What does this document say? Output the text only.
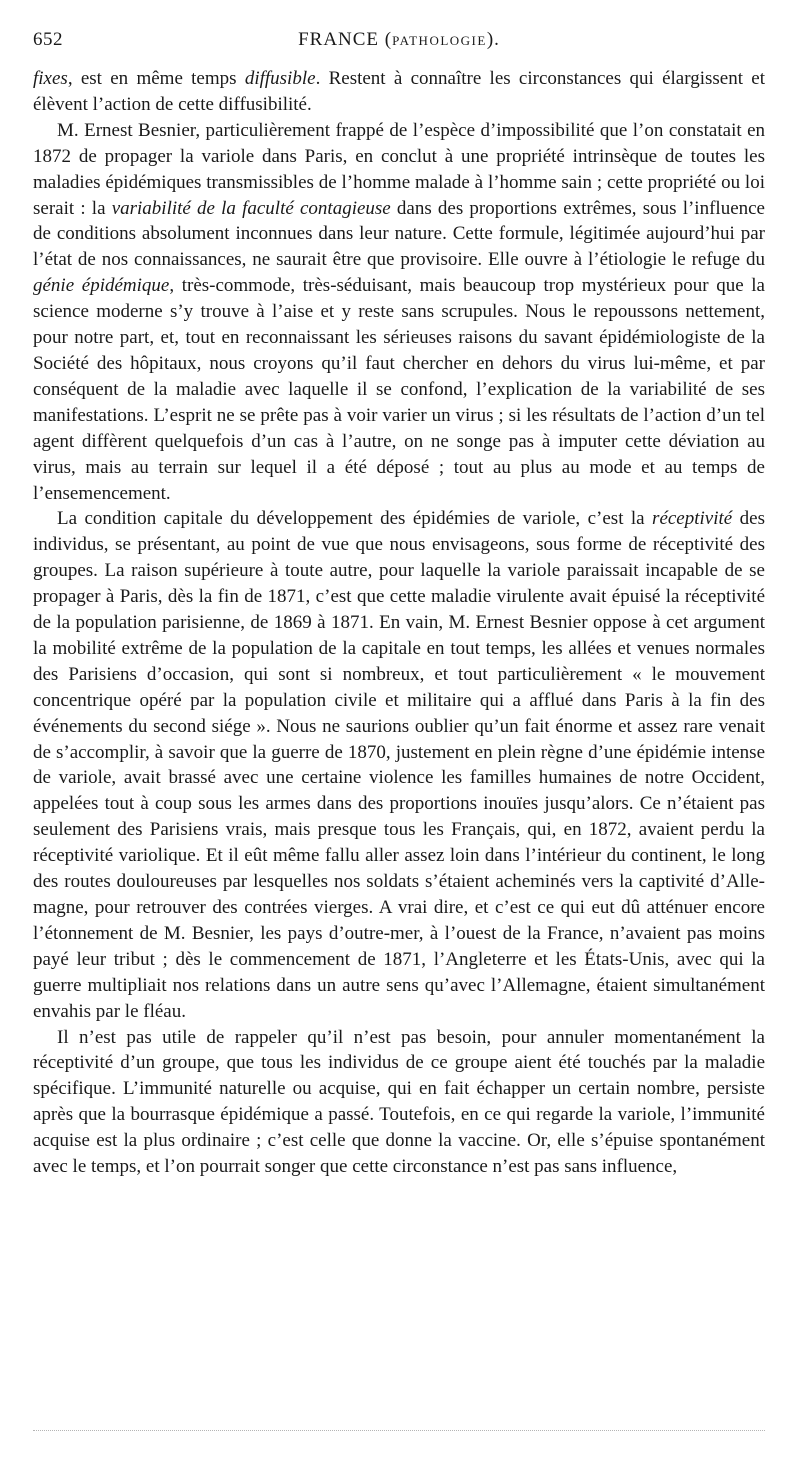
652	FRANCE (PATHOLOGIE).

fixes, est en même temps diffusible. Restent à connaître les circonstances qui élargissent et élèvent l’action de cette diffusibilité.

M. Ernest Besnier, particulièrement frappé de l’espèce d’impossibilité que l’on constatait en 1872 de propager la variole dans Paris, en conclut à une propriété intrinsèque de toutes les maladies épidémiques transmissibles de l’homme malade à l’homme sain ; cette propriété ou loi serait : la variabilité de la faculté contagieuse dans des proportions extrêmes, sous l’influence de conditions absolument inconnues dans leur nature. Cette formule, légitimée aujourd’hui par l’état de nos connaissances, ne saurait être que provisoire. Elle ouvre à l’étiologie le refuge du génie épidémique, très-commode, très-séduisant, mais beaucoup trop mystérieux pour que la science moderne s’y trouve à l’aise et y reste sans scrupules. Nous le repoussons nettement, pour notre part, et, tout en reconnaissant les sérieuses raisons du savant épidémiologiste de la Société des hôpitaux, nous croyons qu’il faut chercher en dehors du virus lui-même, et par conséquent de la maladie avec laquelle il se confond, l’explication de la variabilité de ses manifestations. L’esprit ne se prête pas à voir varier un virus ; si les résultats de l’action d’un tel agent diffèrent quelquefois d’un cas à l’autre, on ne songe pas à imputer cette déviation au virus, mais au terrain sur lequel il a été déposé ; tout au plus au mode et au temps de l’ensemencement.

La condition capitale du développement des épidémies de variole, c’est la réceptivité des individus, se présentant, au point de vue que nous envisageons, sous forme de réceptivité des groupes. La raison supérieure à toute autre, pour laquelle la variole paraissait incapable de se propager à Paris, dès la fin de 1871, c’est que cette maladie virulente avait épuisé la réceptivité de la population parisienne, de 1869 à 1871. En vain, M. Ernest Besnier oppose à cet argument la mobilité extrême de la population de la capitale en tout temps, les allées et venues normales des Parisiens d’occasion, qui sont si nombreux, et tout particulièrement « le mouvement concentrique opéré par la population civile et militaire qui a afflué dans Paris à la fin des événements du second siége ». Nous ne saurions oublier qu’un fait énorme et assez rare venait de s’accomplir, à savoir que la guerre de 1870, justement en plein règne d’une épidémie intense de variole, avait brassé avec une certaine violence les familles humaines de notre Occident, appelées tout à coup sous les armes dans des proportions inouïes jusqu’alors. Ce n’étaient pas seulement des Parisiens vrais, mais presque tous les Français, qui, en 1872, avaient perdu la réceptivité variolique. Et il eût même fallu aller assez loin dans l’intérieur du continent, le long des routes douloureuses par lesquelles nos soldats s’étaient acheminés vers la captivité d’Allemagne, pour retrouver des contrées vierges. A vrai dire, et c’est ce qui eut dû atténuer encore l’étonnement de M. Besnier, les pays d’outre-mer, à l’ouest de la France, n’avaient pas moins payé leur tribut ; dès le commencement de 1871, l’Angleterre et les États-Unis, avec qui la guerre multipliait nos relations dans un autre sens qu’avec l’Allemagne, étaient simultanément envahis par le fléau.

Il n’est pas utile de rappeler qu’il n’est pas besoin, pour annuler momentanément la réceptivité d’un groupe, que tous les individus de ce groupe aient été touchés par la maladie spécifique. L’immunité naturelle ou acquise, qui en fait échapper un certain nombre, persiste après que la bourrasque épidémique a passé. Toutefois, en ce qui regarde la variole, l’immunité acquise est la plus ordinaire ; c’est celle que donne la vaccine. Or, elle s’épuise spontanément avec le temps, et l’on pourrait songer que cette circonstance n’est pas sans influence,
